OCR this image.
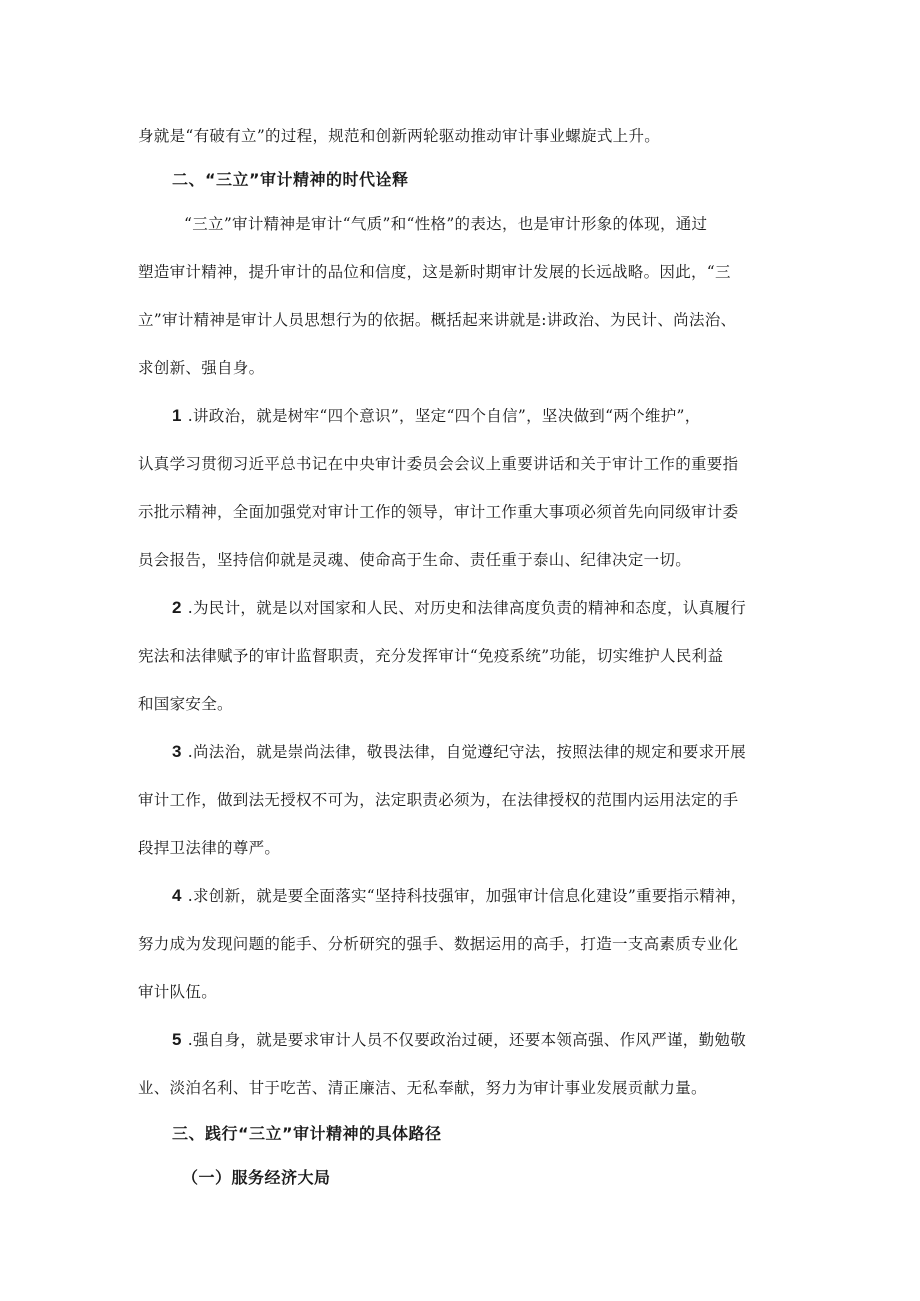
身就是“有破有立”的过程，规范和创新两轮驱动推动审计事业螺旋式上升。
二、“三立”审计精神的时代诠释
“三立”审计精神是审计“气质”和“性格”的表达，也是审计形象的体现，通过
塑造审计精神，提升审计的品位和信度，这是新时期审计发展的长远战略。因此，“三
立”审计精神是审计人员思想行为的依据。概括起来讲就是:讲政治、为民计、尚法治、
求创新、强自身。
1 .讲政治，就是树牢“四个意识”，坚定“四个自信”，坚决做到“两个维护”，
认真学习贯彻习近平总书记在中央审计委员会会议上重要讲话和关于审计工作的重要指
示批示精神，全面加强党对审计工作的领导，审计工作重大事项必须首先向同级审计委
员会报告，坚持信仰就是灵魂、使命高于生命、责任重于泰山、纪律决定一切。
2 .为民计，就是以对国家和人民、对历史和法律高度负责的精神和态度，认真履行
宪法和法律赋予的审计监督职责，充分发挥审计“免疫系统”功能，切实维护人民利益
和国家安全。
3 .尚法治，就是崇尚法律，敬畏法律，自觉遵纪守法，按照法律的规定和要求开展
审计工作，做到法无授权不可为，法定职责必须为，在法律授权的范围内运用法定的手
段捍卫法律的尊严。
4 .求创新，就是要全面落实“坚持科技强审，加强审计信息化建设”重要指示精神，
努力成为发现问题的能手、分析研究的强手、数据运用的高手，打造一支高素质专业化
审计队伍。
5 .强自身，就是要求审计人员不仅要政治过硬，还要本领高强、作风严谨，勤勉敬
业、淡泊名利、甘于吃苦、清正廉洁、无私奉献，努力为审计事业发展贡献力量。
三、践行“三立”审计精神的具体路径
（一）服务经济大局
